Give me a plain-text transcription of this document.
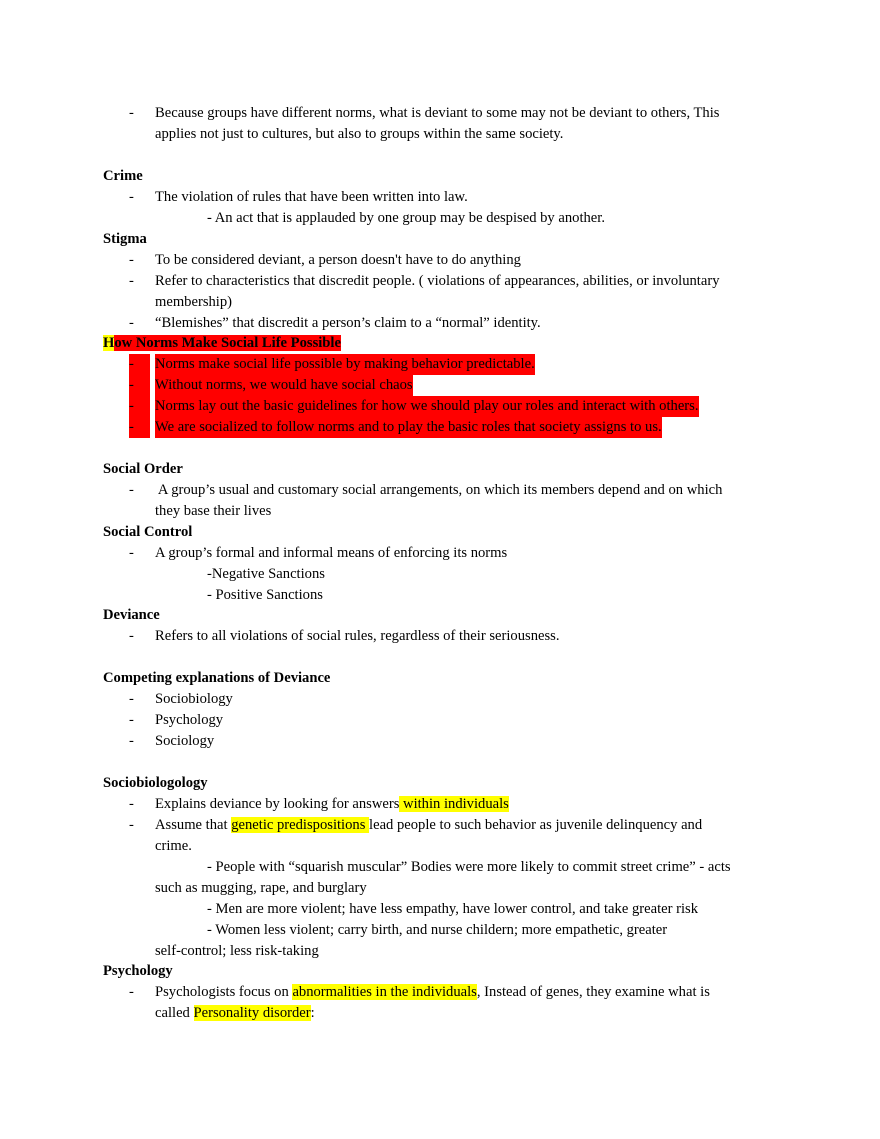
- Because groups have different norms, what is deviant to some may not be deviant to others, This
applies not just to cultures, but also to groups within the same society.
Crime
- The violation of rules that have been written into law.
- An act that is applauded by one group may be despised by another.
Stigma
- To be considered deviant, a person doesn't have to do anything
- Refer to characteristics that discredit people. ( violations of appearances, abilities, or involuntary
membership)
- “Blemishes” that discredit a person’s claim to a “normal” identity.
How Norms Make Social Life Possible
-	Norms make social life possible by making behavior predictable.
-	Without norms, we would have social chaos
-	Norms lay out the basic guidelines for how we should play our roles and interact with others.
-	We are socialized to follow norms and to play the basic roles that society assigns to us.
Social Order
- A group’s usual and customary social arrangements, on which its members depend and on which
they base their lives
Social Control
- A group’s formal and informal means of enforcing its norms
-Negative Sanctions
- Positive Sanctions
Deviance
- Refers to all violations of social rules, regardless of their seriousness.
Competing explanations of Deviance
- Sociobiology
- Psychology
- Sociology
Sociobiologology
- Explains deviance by looking for answers within individuals
- Assume that genetic predispositions lead people to such behavior as juvenile delinquency and
crime.
- People with “squarish muscular” Bodies were more likely to commit street crime” - acts
such as mugging, rape, and burglary
- Men are more violent; have less empathy, have lower control, and take greater risk
- Women less violent; carry birth, and nurse childern; more empathetic, greater
self-control; less risk-taking
Psychology
- Psychologists focus on abnormalities in the individuals, Instead of genes, they examine what is
called Personality disorder:
